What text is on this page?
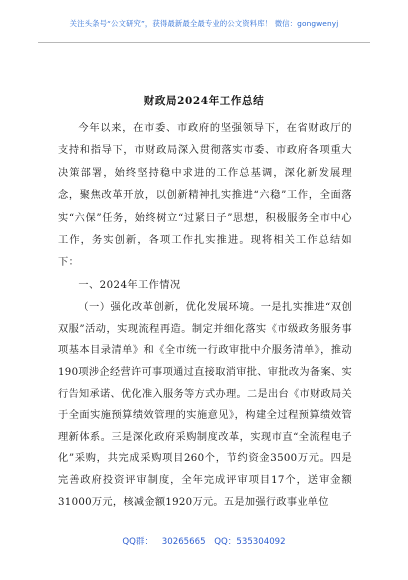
关注头条号“公文研究”，获得最新最全最专业的公文资料库！ 微信：gongwenyj
财政局2024年工作总结

今年以来，在市委、市政府的坚强领导下，在省财政厅的支持和指导下，市财政局深入贯彻落实市委、市政府各项重大决策部署，始终坚持稳中求进的工作总基调，深化新发展理念，聚焦改革开放，以创新精神扎实推进“六稳”工作，全面落实“六保”任务，始终树立“过紧日子”思想，积极服务全市中心工作，务实创新，各项工作扎实推进。现将相关工作总结如下：

一、2024年工作情况

（一）强化改革创新，优化发展环境。一是扎实推进“双创双服”活动，实现流程再造。制定并细化落实《市级政务服务事项基本目录清单》和《全市统一行政审批中介服务清单》，推动190项涉企经营许可事项通过直接取消审批、审批改为备案、实行告知承诺、优化准入服务等方式办理。二是出台《市财政局关于全面实施预算绩效管理的实施意见》，构建全过程预算绩效管理新体系。三是深化政府采购制度改革，实现市直“全流程电子化”采购，共完成采购项目260个，节约资金3500万元。四是完善政府投资评审制度，全年完成评审项目17个，送审金额31000万元，核减金额1920万元。五是加强行政事业单位

QQ群： 30265665 QQ：535304092
